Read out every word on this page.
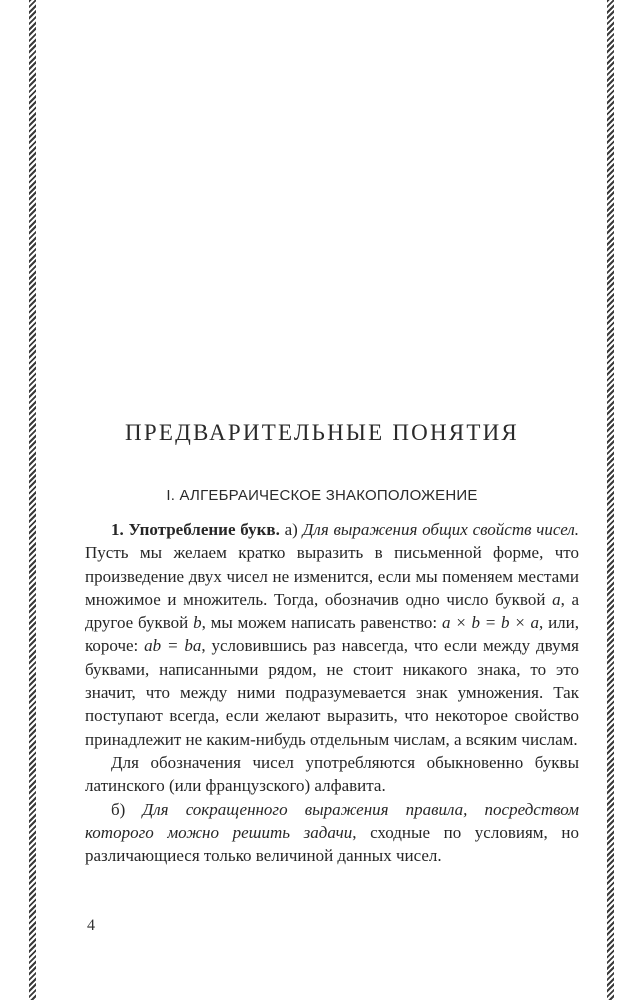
ПРЕДВАРИТЕЛЬНЫЕ ПОНЯТИЯ
I. АЛГЕБРАИЧЕСКОЕ ЗНАКОПОЛОЖЕНИЕ

1. Употребление букв. а) Для выражения общих свойств чисел. Пусть мы желаем кратко выразить в письменной форме, что произведение двух чисел не изменится, если мы поменяем местами множимое и множитель. Тогда, обозначив одно число буквой a, а другое буквой b, мы можем написать равенство: a × b = b × a, или, короче: ab = ba, условившись раз навсегда, что если между двумя буквами, написанными рядом, не стоит никакого знака, то это значит, что между ними подразумевается знак умножения. Так поступают всегда, если желают выразить, что некоторое свойство принадлежит не каким-нибудь отдельным числам, а всяким числам.

Для обозначения чисел употребляются обыкновенно буквы латинского (или французского) алфавита.

б) Для сокращенного выражения правила, посредством которого можно решить задачи, сходные по условиям, но различающиеся только величиной данных чисел.

4
